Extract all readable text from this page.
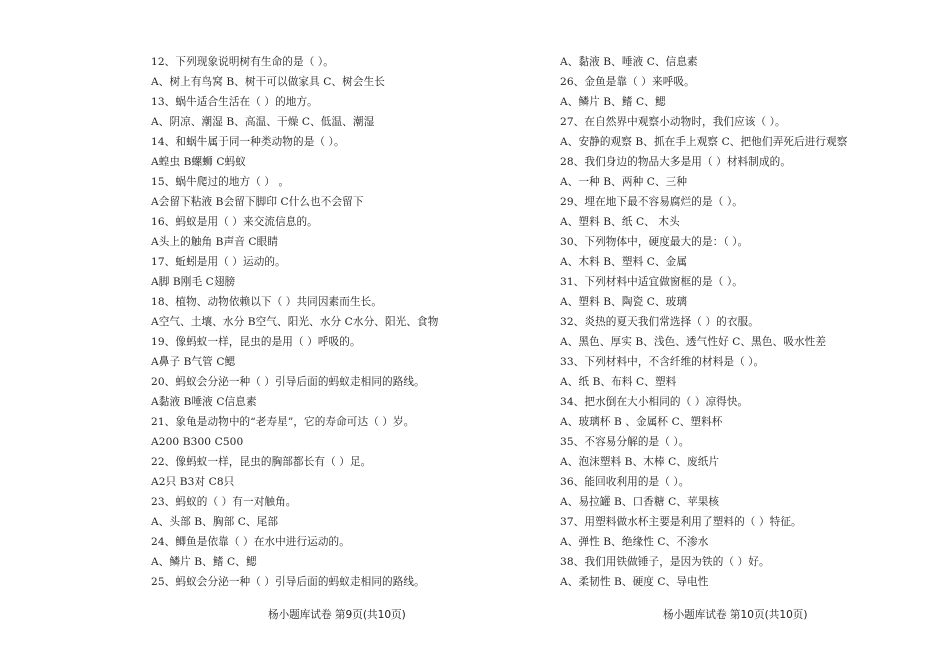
12、下列现象说明树有生命的是（ ）。
A、树上有鸟窝 B、树干可以做家具 C、树会生长
13、蜗牛适合生活在（ ）的地方。
A、阴凉、潮湿 B、高温、干燥 C、低温、潮湿
14、和蜗牛属于同一种类动物的是（ ）。
A蝗虫 B螺蛳 C蚂蚁
15、蜗牛爬过的地方（ ） 。
A会留下粘液 B会留下脚印 C什么也不会留下
16、蚂蚁是用（ ）来交流信息的。
A头上的触角 B声音 C眼睛
17、蚯蚓是用（ ）运动的。
A脚 B刚毛 C翅膀
18、植物、动物依赖以下（ ）共同因素而生长。
A空气、土壤、水分 B空气、阳光、水分 C水分、阳光、食物
19、像蚂蚁一样，昆虫的是用（ ）呼吸的。
A鼻子 B气管 C鳃
20、蚂蚁会分泌一种（ ）引导后面的蚂蚁走相同的路线。
A黏液 B唾液 C信息素
21、象龟是动物中的“老寿星”，它的寿命可达（ ）岁。
A200 B300 C500
22、像蚂蚁一样，昆虫的胸部都长有（ ）足。
A2只 B3对 C8只
23、蚂蚁的（ ）有一对触角。
A、头部 B、胸部 C、尾部
24、鲫鱼是依靠（ ）在水中进行运动的。
A、鳞片 B、鳍 C、鳃
25、蚂蚁会分泌一种（ ）引导后面的蚂蚁走相同的路线。
A、黏液 B、唾液 C、信息素
26、金鱼是靠（ ）来呼吸。
A、鳞片 B、鳍 C、鳃
27、在自然界中观察小动物时，我们应该（ ）。
A、安静的观察 B、抓在手上观察 C、把他们弄死后进行观察
28、我们身边的物品大多是用（ ）材料制成的。
A、一种 B、两种 C、三种
29、埋在地下最不容易腐烂的是（ ）。
A、塑料 B、纸 C、 木头
30、下列物体中，硬度最大的是：（ ）。
A、木料 B、塑料 C、金属
31、下列材料中适宜做窗框的是（ ）。
A、塑料 B、陶瓷 C、玻璃
32、炎热的夏天我们常选择（ ）的衣服。
A、黑色、厚实 B、浅色、透气性好 C、黑色、吸水性差
33、下列材料中，不含纤维的材料是（ ）。
A、纸 B、布料 C、塑料
34、把水倒在大小相同的（ ）凉得快。
A、玻璃杯 B 、金属杯 C、塑料杯
35、不容易分解的是（ ）。
A、泡沫塑料 B、木棒 C、废纸片
36、能回收利用的是（ ）。
A、易拉罐 B、口香糖 C、苹果核
37、用塑料做水杯主要是利用了塑料的（ ）特征。
A、弹性 B、绝缘性 C、不渗水
38、我们用铁做锤子，是因为铁的（ ）好。
A、柔韧性 B、硬度 C、导电性
杨小题库试卷 第9页(共10页)	杨小题库试卷 第10页(共10页)
